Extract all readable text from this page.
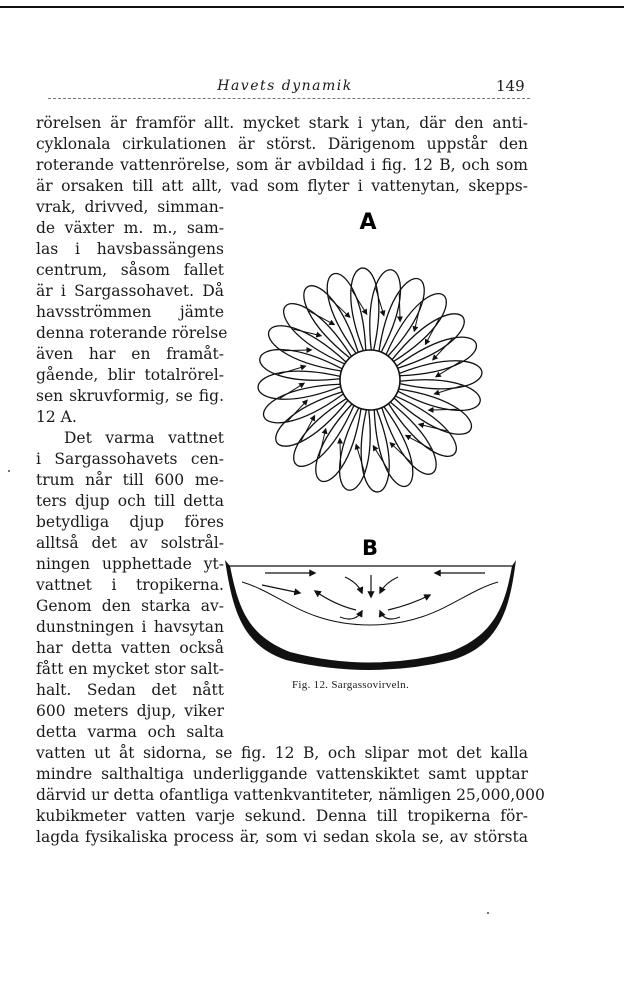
Havets dynamik	149
rörelsen är framför allt. mycket stark i ytan, där den anti-
cyklonala cirkulationen är störst. Därigenom uppstår den
roterande vattenrörelse, som är avbildad i fig. 12 B, och som
är orsaken till att allt, vad som flyter i vattenytan, skepps-
vrak, drivved, simman-
de växter m. m., sam-
las i havsbassängens
centrum, såsom fallet
är i Sargassohavet. Då
havsströmmen jämte
denna roterande rörelse
även har en framåt-
gående, blir totalrörel-
sen skruvformig, se fig.
12 A.
Det varma vattnet
i Sargassohavets cen-
trum når till 600 me-
ters djup och till detta
betydliga djup föres
alltså det av solstrål-
ningen upphettade yt-
vattnet i tropikerna.
Genom den starka av-
dunstningen i havsytan
har detta vatten också
fått en mycket stor salt-
halt. Sedan det nått
600 meters djup, viker
detta varma och salta
vatten ut åt sidorna, se fig. 12 B, och slipar mot det kalla
mindre salthaltiga underliggande vattenskiktet samt upptar
därvid ur detta ofantliga vattenkvantiteter, nämligen 25,000,000
kubikmeter vatten varje sekund. Denna till tropikerna för-
lagda fysikaliska process är, som vi sedan skola se, av största
A
B
Fig. 12. Sargassovirveln.
